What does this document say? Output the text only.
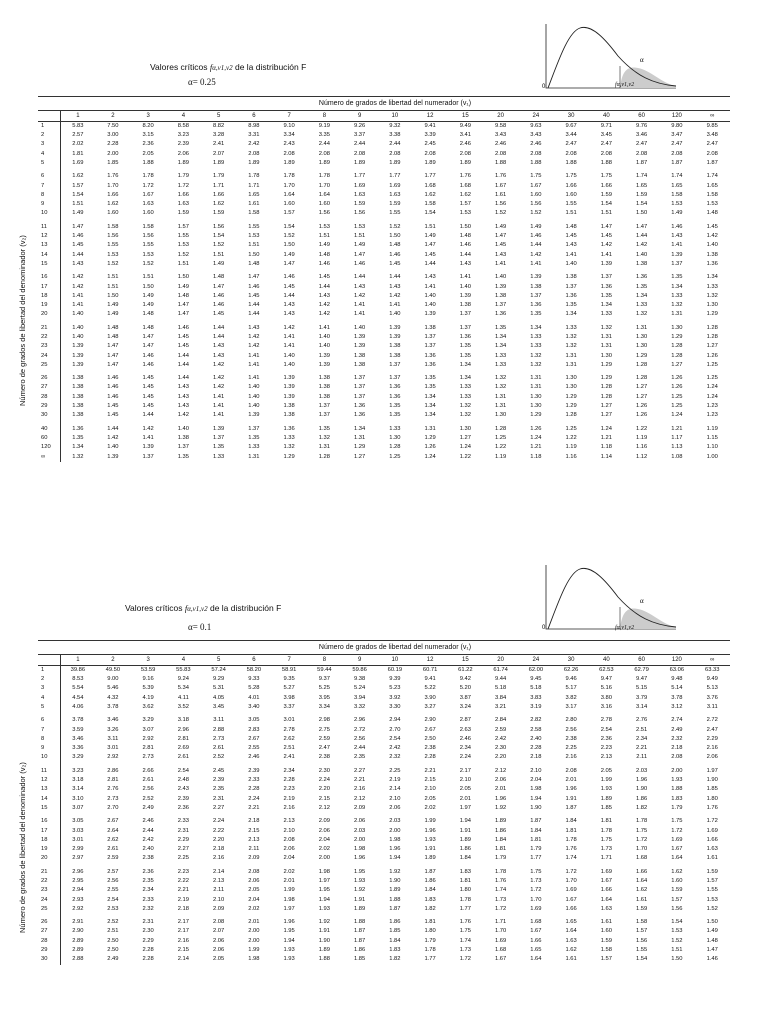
Valores críticos fα,v1,v2 de la distribución F
α= 0.25	0
α
fα,v1,v2
Número de grados de libertad del denominador (v₂)
Número de grados de libertad del numerador (v₁)																			
	1	2	3	4	5	6	7	8	9	10	12	15	20	24	30	40	60	120	∞
1	5.83	7.50	8.20	8.58	8.82	8.98	9.10	9.19	9.26	9.32	9.41	9.49	9.58	9.63	9.67	9.71	9.76	9.80	9.85
2	2.57	3.00	3.15	3.23	3.28	3.31	3.34	3.35	3.37	3.38	3.39	3.41	3.43	3.43	3.44	3.45	3.46	3.47	3.48
3	2.02	2.28	2.36	2.39	2.41	2.42	2.43	2.44	2.44	2.44	2.45	2.46	2.46	2.46	2.47	2.47	2.47	2.47	2.47
4	1.81	2.00	2.05	2.06	2.07	2.08	2.08	2.08	2.08	2.08	2.08	2.08	2.08	2.08	2.08	2.08	2.08	2.08	2.08
5	1.69	1.85	1.88	1.89	1.89	1.89	1.89	1.89	1.89	1.89	1.89	1.89	1.88	1.88	1.88	1.88	1.87	1.87	1.87
6	1.62	1.76	1.78	1.79	1.79	1.78	1.78	1.78	1.77	1.77	1.77	1.76	1.76	1.75	1.75	1.75	1.74	1.74	1.74
7	1.57	1.70	1.72	1.72	1.71	1.71	1.70	1.70	1.69	1.69	1.68	1.68	1.67	1.67	1.66	1.66	1.65	1.65	1.65
8	1.54	1.66	1.67	1.66	1.66	1.65	1.64	1.64	1.63	1.63	1.62	1.62	1.61	1.60	1.60	1.59	1.59	1.58	1.58
9	1.51	1.62	1.63	1.63	1.62	1.61	1.60	1.60	1.59	1.59	1.58	1.57	1.56	1.56	1.55	1.54	1.54	1.53	1.53
10	1.49	1.60	1.60	1.59	1.59	1.58	1.57	1.56	1.56	1.55	1.54	1.53	1.52	1.52	1.51	1.51	1.50	1.49	1.48
11	1.47	1.58	1.58	1.57	1.56	1.55	1.54	1.53	1.53	1.52	1.51	1.50	1.49	1.49	1.48	1.47	1.47	1.46	1.45
12	1.46	1.56	1.56	1.55	1.54	1.53	1.52	1.51	1.51	1.50	1.49	1.48	1.47	1.46	1.45	1.45	1.44	1.43	1.42
13	1.45	1.55	1.55	1.53	1.52	1.51	1.50	1.49	1.49	1.48	1.47	1.46	1.45	1.44	1.43	1.42	1.42	1.41	1.40
14	1.44	1.53	1.53	1.52	1.51	1.50	1.49	1.48	1.47	1.46	1.45	1.44	1.43	1.42	1.41	1.41	1.40	1.39	1.38
15	1.43	1.52	1.52	1.51	1.49	1.48	1.47	1.46	1.46	1.45	1.44	1.43	1.41	1.41	1.40	1.39	1.38	1.37	1.36
16	1.42	1.51	1.51	1.50	1.48	1.47	1.46	1.45	1.44	1.44	1.43	1.41	1.40	1.39	1.38	1.37	1.36	1.35	1.34
17	1.42	1.51	1.50	1.49	1.47	1.46	1.45	1.44	1.43	1.43	1.41	1.40	1.39	1.38	1.37	1.36	1.35	1.34	1.33
18	1.41	1.50	1.49	1.48	1.46	1.45	1.44	1.43	1.42	1.42	1.40	1.39	1.38	1.37	1.36	1.35	1.34	1.33	1.32
19	1.41	1.49	1.49	1.47	1.46	1.44	1.43	1.42	1.41	1.41	1.40	1.38	1.37	1.36	1.35	1.34	1.33	1.32	1.30
20	1.40	1.49	1.48	1.47	1.45	1.44	1.43	1.42	1.41	1.40	1.39	1.37	1.36	1.35	1.34	1.33	1.32	1.31	1.29
21	1.40	1.48	1.48	1.46	1.44	1.43	1.42	1.41	1.40	1.39	1.38	1.37	1.35	1.34	1.33	1.32	1.31	1.30	1.28
22	1.40	1.48	1.47	1.45	1.44	1.42	1.41	1.40	1.39	1.39	1.37	1.36	1.34	1.33	1.32	1.31	1.30	1.29	1.28
23	1.39	1.47	1.47	1.45	1.43	1.42	1.41	1.40	1.39	1.38	1.37	1.35	1.34	1.33	1.32	1.31	1.30	1.28	1.27
24	1.39	1.47	1.46	1.44	1.43	1.41	1.40	1.39	1.38	1.38	1.36	1.35	1.33	1.32	1.31	1.30	1.29	1.28	1.26
25	1.39	1.47	1.46	1.44	1.42	1.41	1.40	1.39	1.38	1.37	1.36	1.34	1.33	1.32	1.31	1.29	1.28	1.27	1.25
26	1.38	1.46	1.45	1.44	1.42	1.41	1.39	1.38	1.37	1.37	1.35	1.34	1.32	1.31	1.30	1.29	1.28	1.26	1.25
27	1.38	1.46	1.45	1.43	1.42	1.40	1.39	1.38	1.37	1.36	1.35	1.33	1.32	1.31	1.30	1.28	1.27	1.26	1.24
28	1.38	1.46	1.45	1.43	1.41	1.40	1.39	1.38	1.37	1.36	1.34	1.33	1.31	1.30	1.29	1.28	1.27	1.25	1.24
29	1.38	1.45	1.45	1.43	1.41	1.40	1.38	1.37	1.36	1.35	1.34	1.32	1.31	1.30	1.29	1.27	1.26	1.25	1.23
30	1.38	1.45	1.44	1.42	1.41	1.39	1.38	1.37	1.36	1.35	1.34	1.32	1.30	1.29	1.28	1.27	1.26	1.24	1.23
40	1.36	1.44	1.42	1.40	1.39	1.37	1.36	1.35	1.34	1.33	1.31	1.30	1.28	1.26	1.25	1.24	1.22	1.21	1.19
60	1.35	1.42	1.41	1.38	1.37	1.35	1.33	1.32	1.31	1.30	1.29	1.27	1.25	1.24	1.22	1.21	1.19	1.17	1.15
120	1.34	1.40	1.39	1.37	1.35	1.33	1.32	1.31	1.29	1.28	1.26	1.24	1.22	1.21	1.19	1.18	1.16	1.13	1.10
∞	1.32	1.39	1.37	1.35	1.33	1.31	1.29	1.28	1.27	1.25	1.24	1.22	1.19	1.18	1.16	1.14	1.12	1.08	1.00
Valores críticos fα,v1,v2 de la distribución F
α= 0.1	0
α
fα,v1,v2
Número de grados de libertad del denominador (v₂)
Número de grados de libertad del numerador (v₁)																			
	1	2	3	4	5	6	7	8	9	10	12	15	20	24	30	40	60	120	∞
1	39.86	49.50	53.59	55.83	57.24	58.20	58.91	59.44	59.86	60.19	60.71	61.22	61.74	62.00	62.26	62.53	62.79	63.06	63.33
2	8.53	9.00	9.16	9.24	9.29	9.33	9.35	9.37	9.38	9.39	9.41	9.42	9.44	9.45	9.46	9.47	9.47	9.48	9.49
3	5.54	5.46	5.39	5.34	5.31	5.28	5.27	5.25	5.24	5.23	5.22	5.20	5.18	5.18	5.17	5.16	5.15	5.14	5.13
4	4.54	4.32	4.19	4.11	4.05	4.01	3.98	3.95	3.94	3.92	3.90	3.87	3.84	3.83	3.82	3.80	3.79	3.78	3.76
5	4.06	3.78	3.62	3.52	3.45	3.40	3.37	3.34	3.32	3.30	3.27	3.24	3.21	3.19	3.17	3.16	3.14	3.12	3.11
6	3.78	3.46	3.29	3.18	3.11	3.05	3.01	2.98	2.96	2.94	2.90	2.87	2.84	2.82	2.80	2.78	2.76	2.74	2.72
7	3.59	3.26	3.07	2.96	2.88	2.83	2.78	2.75	2.72	2.70	2.67	2.63	2.59	2.58	2.56	2.54	2.51	2.49	2.47
8	3.46	3.11	2.92	2.81	2.73	2.67	2.62	2.59	2.56	2.54	2.50	2.46	2.42	2.40	2.38	2.36	2.34	2.32	2.29
9	3.36	3.01	2.81	2.69	2.61	2.55	2.51	2.47	2.44	2.42	2.38	2.34	2.30	2.28	2.25	2.23	2.21	2.18	2.16
10	3.29	2.92	2.73	2.61	2.52	2.46	2.41	2.38	2.35	2.32	2.28	2.24	2.20	2.18	2.16	2.13	2.11	2.08	2.06
11	3.23	2.86	2.66	2.54	2.45	2.39	2.34	2.30	2.27	2.25	2.21	2.17	2.12	2.10	2.08	2.05	2.03	2.00	1.97
12	3.18	2.81	2.61	2.48	2.39	2.33	2.28	2.24	2.21	2.19	2.15	2.10	2.06	2.04	2.01	1.99	1.96	1.93	1.90
13	3.14	2.76	2.56	2.43	2.35	2.28	2.23	2.20	2.16	2.14	2.10	2.05	2.01	1.98	1.96	1.93	1.90	1.88	1.85
14	3.10	2.73	2.52	2.39	2.31	2.24	2.19	2.15	2.12	2.10	2.05	2.01	1.96	1.94	1.91	1.89	1.86	1.83	1.80
15	3.07	2.70	2.49	2.36	2.27	2.21	2.16	2.12	2.09	2.06	2.02	1.97	1.92	1.90	1.87	1.85	1.82	1.79	1.76
16	3.05	2.67	2.46	2.33	2.24	2.18	2.13	2.09	2.06	2.03	1.99	1.94	1.89	1.87	1.84	1.81	1.78	1.75	1.72
17	3.03	2.64	2.44	2.31	2.22	2.15	2.10	2.06	2.03	2.00	1.96	1.91	1.86	1.84	1.81	1.78	1.75	1.72	1.69
18	3.01	2.62	2.42	2.29	2.20	2.13	2.08	2.04	2.00	1.98	1.93	1.89	1.84	1.81	1.78	1.75	1.72	1.69	1.66
19	2.99	2.61	2.40	2.27	2.18	2.11	2.06	2.02	1.98	1.96	1.91	1.86	1.81	1.79	1.76	1.73	1.70	1.67	1.63
20	2.97	2.59	2.38	2.25	2.16	2.09	2.04	2.00	1.96	1.94	1.89	1.84	1.79	1.77	1.74	1.71	1.68	1.64	1.61
21	2.96	2.57	2.36	2.23	2.14	2.08	2.02	1.98	1.95	1.92	1.87	1.83	1.78	1.75	1.72	1.69	1.66	1.62	1.59
22	2.95	2.56	2.35	2.22	2.13	2.06	2.01	1.97	1.93	1.90	1.86	1.81	1.76	1.73	1.70	1.67	1.64	1.60	1.57
23	2.94	2.55	2.34	2.21	2.11	2.05	1.99	1.95	1.92	1.89	1.84	1.80	1.74	1.72	1.69	1.66	1.62	1.59	1.55
24	2.93	2.54	2.33	2.19	2.10	2.04	1.98	1.94	1.91	1.88	1.83	1.78	1.73	1.70	1.67	1.64	1.61	1.57	1.53
25	2.92	2.53	2.32	2.18	2.09	2.02	1.97	1.93	1.89	1.87	1.82	1.77	1.72	1.69	1.66	1.63	1.59	1.56	1.52
26	2.91	2.52	2.31	2.17	2.08	2.01	1.96	1.92	1.88	1.86	1.81	1.76	1.71	1.68	1.65	1.61	1.58	1.54	1.50
27	2.90	2.51	2.30	2.17	2.07	2.00	1.95	1.91	1.87	1.85	1.80	1.75	1.70	1.67	1.64	1.60	1.57	1.53	1.49
28	2.89	2.50	2.29	2.16	2.06	2.00	1.94	1.90	1.87	1.84	1.79	1.74	1.69	1.66	1.63	1.59	1.56	1.52	1.48
29	2.89	2.50	2.28	2.15	2.06	1.99	1.93	1.89	1.86	1.83	1.78	1.73	1.68	1.65	1.62	1.58	1.55	1.51	1.47
30	2.88	2.49	2.28	2.14	2.05	1.98	1.93	1.88	1.85	1.82	1.77	1.72	1.67	1.64	1.61	1.57	1.54	1.50	1.46
